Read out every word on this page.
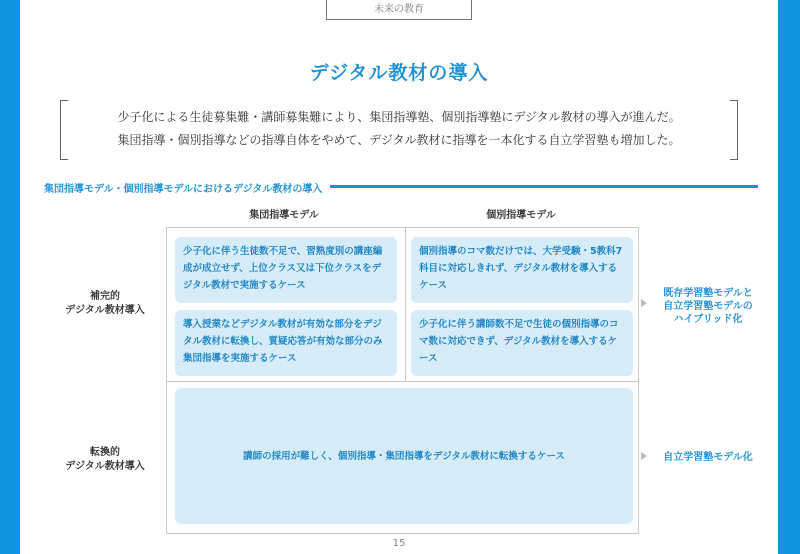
未来の教育
デジタル教材の導入

少子化による生徒募集難・講師募集難により、集団指導塾、個別指導塾にデジタル教材の導入が進んだ。
集団指導・個別指導などの指導自体をやめて、デジタル教材に指導を一本化する自立学習塾も増加した。

集団指導モデル・個別指導モデルにおけるデジタル教材の導入
集団指導モデル	個別指導モデル
補完的
デジタル教材導入
転換的
デジタル教材導入
少子化に伴う生徒数不足で、習熟度別の講座編成が成立せず、上位クラス又は下位クラスをデジタル教材で実施するケース
導入授業などデジタル教材が有効な部分をデジタル教材に転換し、質疑応答が有効な部分のみ集団指導を実施するケース
個別指導のコマ数だけでは、大学受験・5教科7科目に対応しきれず、デジタル教材を導入するケース
少子化に伴う講師数不足で生徒の個別指導のコマ数に対応できず、デジタル教材を導入するケース
講師の採用が難しく、個別指導・集団指導をデジタル教材に転換するケース
既存学習塾モデルと
自立学習塾モデルの
ハイブリッド化
自立学習塾モデル化
15
